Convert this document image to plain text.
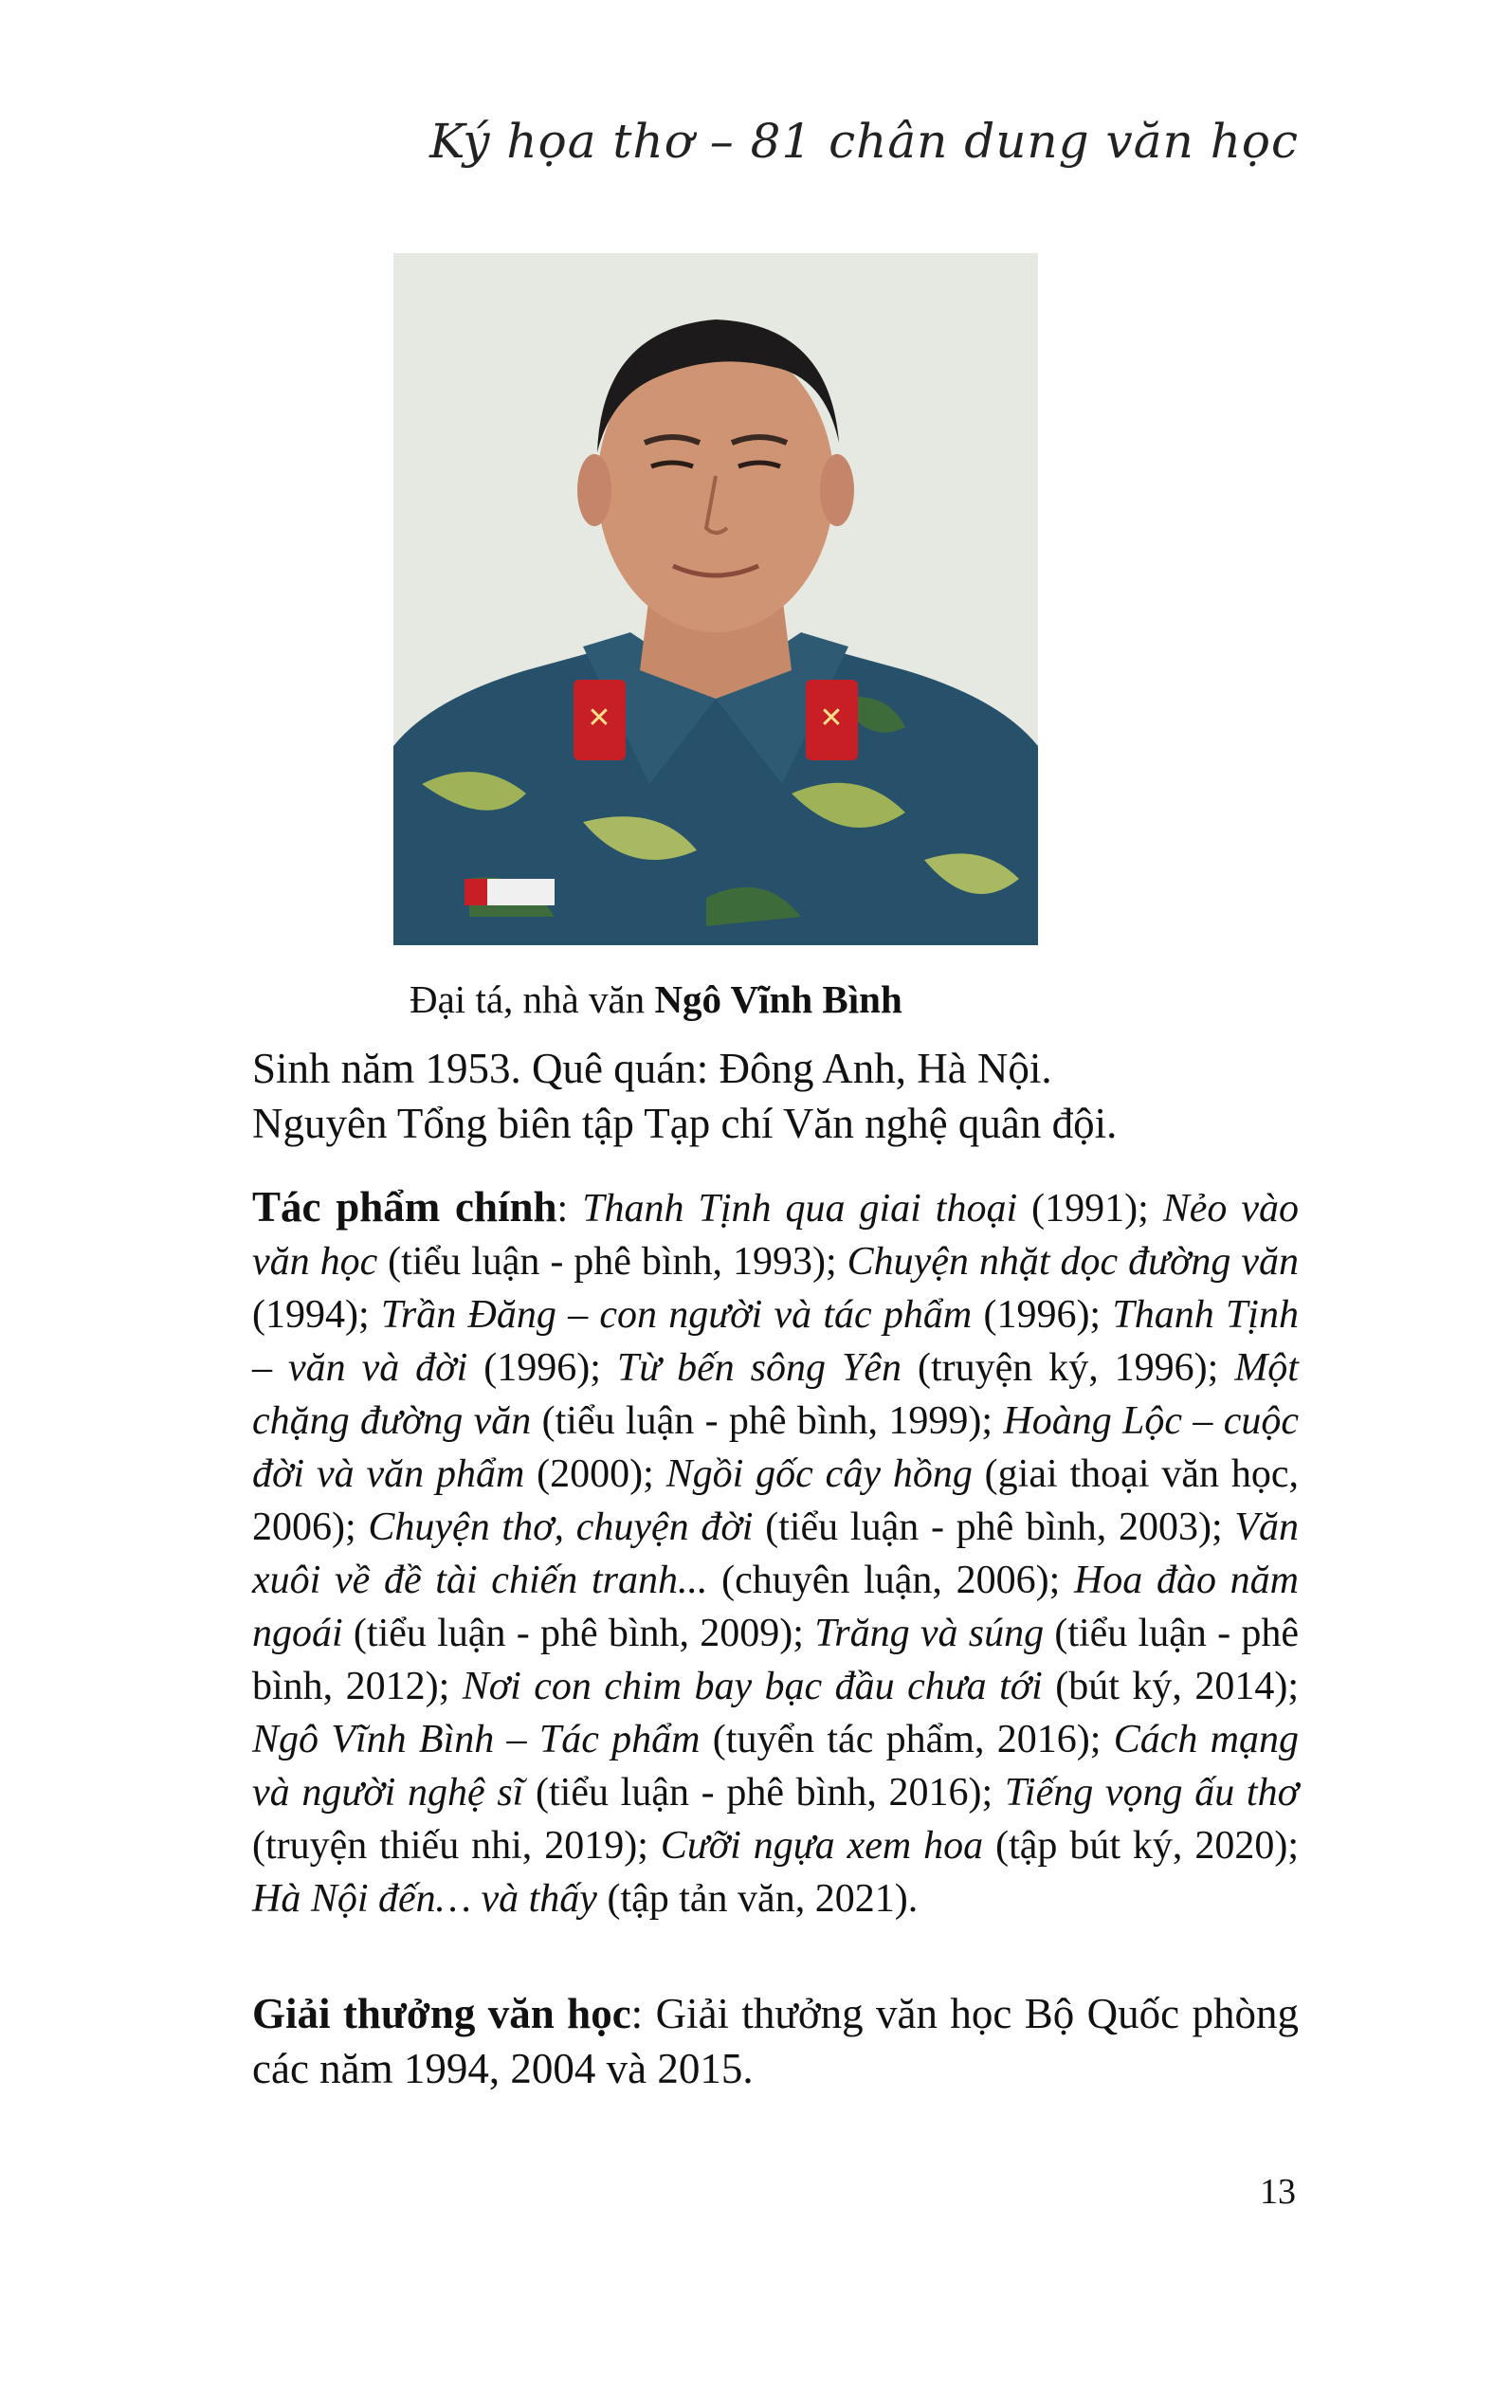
Ký họa thơ – 81 chân dung văn học
✕	✕
Đại tá, nhà văn Ngô Vĩnh Bình
Sinh năm 1953. Quê quán: Đông Anh, Hà Nội.
Nguyên Tổng biên tập Tạp chí Văn nghệ quân đội.
Tác phẩm chính: Thanh Tịnh qua giai thoại (1991); Nẻo vào văn học (tiểu luận - phê bình, 1993); Chuyện nhặt dọc đường văn (1994); Trần Đăng – con người và tác phẩm (1996); Thanh Tịnh – văn và đời (1996); Từ bến sông Yên (truyện ký, 1996); Một chặng đường văn (tiểu luận - phê bình, 1999); Hoàng Lộc – cuộc đời và văn phẩm (2000); Ngồi gốc cây hồng (giai thoại văn học, 2006); Chuyện thơ, chuyện đời (tiểu luận - phê bình, 2003); Văn xuôi về đề tài chiến tranh... (chuyên luận, 2006); Hoa đào năm ngoái (tiểu luận - phê bình, 2009); Trăng và súng (tiểu luận - phê bình, 2012); Nơi con chim bay bạc đầu chưa tới (bút ký, 2014); Ngô Vĩnh Bình – Tác phẩm (tuyển tác phẩm, 2016); Cách mạng và người nghệ sĩ (tiểu luận - phê bình, 2016); Tiếng vọng ấu thơ (truyện thiếu nhi, 2019); Cưỡi ngựa xem hoa (tập bút ký, 2020); Hà Nội đến… và thấy (tập tản văn, 2021).
Giải thưởng văn học: Giải thưởng văn học Bộ Quốc phòng các năm 1994, 2004 và 2015.
13
